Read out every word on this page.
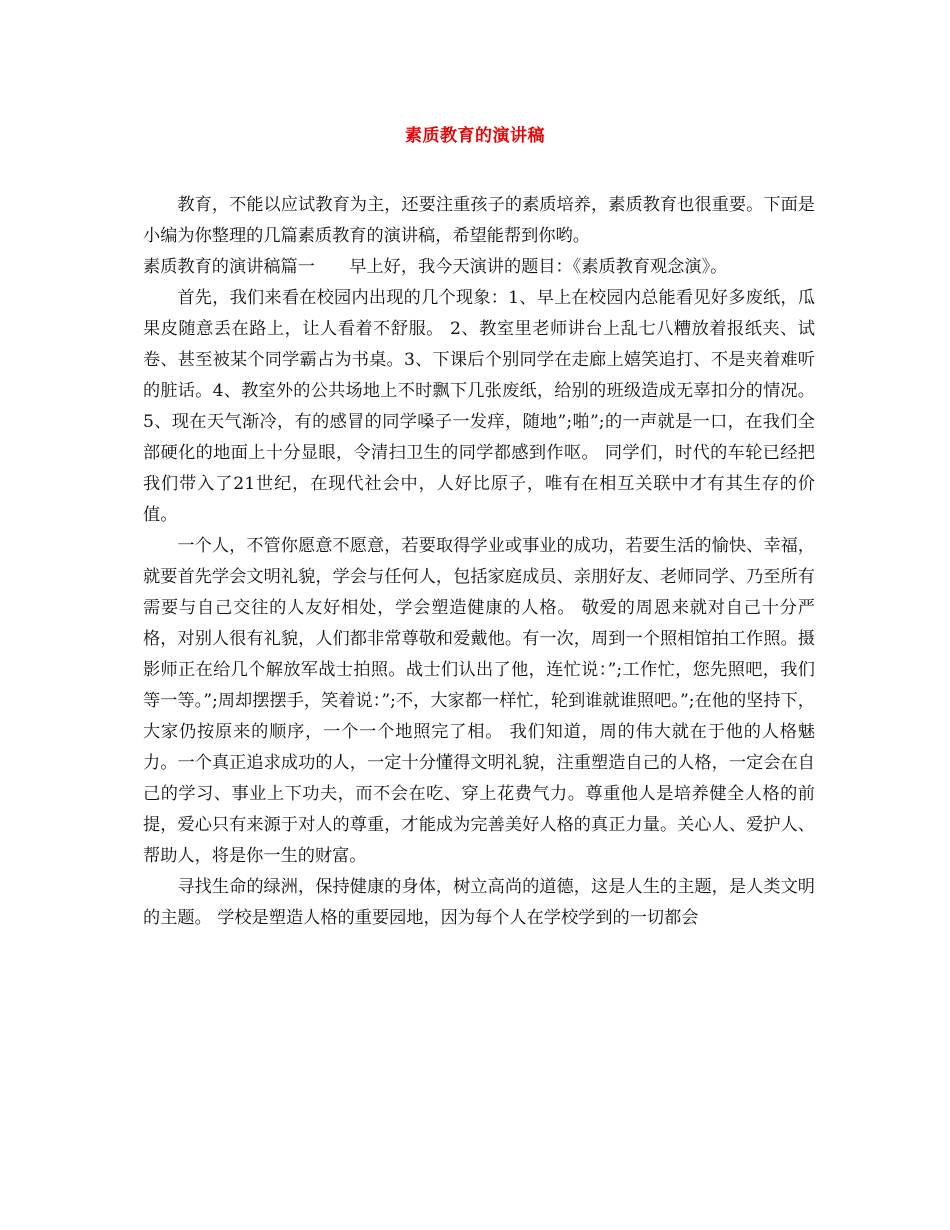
素质教育的演讲稿

教育，不能以应试教育为主，还要注重孩子的素质培养，素质教育也很重要。下面是小编为你整理的几篇素质教育的演讲稿，希望能帮到你哟。

素质教育的演讲稿篇一　　早上好，我今天演讲的题目：《素质教育观念演》。

首先，我们来看在校园内出现的几个现象：1、早上在校园内总能看见好多废纸，瓜果皮随意丢在路上，让人看着不舒服。 2、教室里老师讲台上乱七八糟放着报纸夹、试卷、甚至被某个同学霸占为书桌。3、下课后个别同学在走廊上嬉笑追打、不是夹着难听的脏话。4、教室外的公共场地上不时飘下几张废纸，给别的班级造成无辜扣分的情况。5、现在天气渐冷，有的感冒的同学嗓子一发痒，随地”;啪”;的一声就是一口，在我们全部硬化的地面上十分显眼，令清扫卫生的同学都感到作呕。 同学们，时代的车轮已经把我们带入了21世纪，在现代社会中，人好比原子，唯有在相互关联中才有其生存的价值。

一个人，不管你愿意不愿意，若要取得学业或事业的成功，若要生活的愉快、幸福，就要首先学会文明礼貌，学会与任何人，包括家庭成员、亲朋好友、老师同学、乃至所有需要与自己交往的人友好相处，学会塑造健康的人格。 敬爱的周恩来就对自己十分严格，对别人很有礼貌，人们都非常尊敬和爱戴他。有一次，周到一个照相馆拍工作照。摄影师正在给几个解放军战士拍照。战士们认出了他，连忙说：”;工作忙，您先照吧，我们等一等。”;周却摆摆手，笑着说：”;不，大家都一样忙，轮到谁就谁照吧。”;在他的坚持下，大家仍按原来的顺序，一个一个地照完了相。 我们知道，周的伟大就在于他的人格魅力。一个真正追求成功的人，一定十分懂得文明礼貌，注重塑造自己的人格，一定会在自己的学习、事业上下功夫，而不会在吃、穿上花费气力。尊重他人是培养健全人格的前提，爱心只有来源于对人的尊重，才能成为完善美好人格的真正力量。关心人、爱护人、帮助人，将是你一生的财富。

寻找生命的绿洲，保持健康的身体，树立高尚的道德，这是人生的主题，是人类文明的主题。 学校是塑造人格的重要园地，因为每个人在学校学到的一切都会
